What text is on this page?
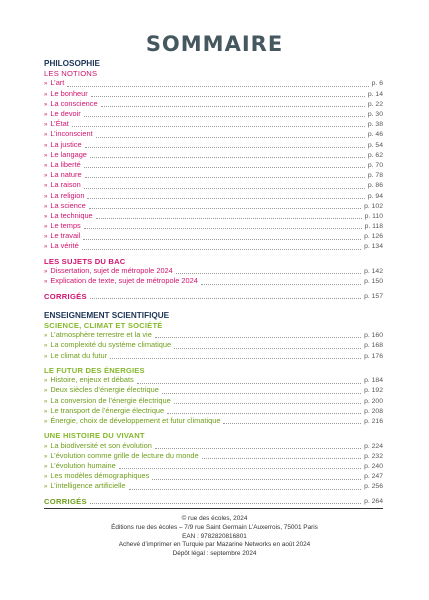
SOMMAIRE
PHILOSOPHIE
LES NOTIONS
» L’art	p. 6
» Le bonheur	p. 14
» La conscience	p. 22
» Le devoir	p. 30
» L’État	p. 38
» L’inconscient	p. 46
» La justice	p. 54
» Le langage	p. 62
» La liberté	p. 70
» La nature	p. 78
» La raison	p. 86
» La religion	p. 94
» La science	p. 102
» La technique	p. 110
» Le temps	p. 118
» Le travail	p. 126
» La vérité	p. 134
LES SUJETS DU BAC
» Dissertation, sujet de métropole 2024	p. 142
» Explication de texte, sujet de métropole 2024	p. 150
CORRIGÉS	p. 157
ENSEIGNEMENT SCIENTIFIQUE
SCIENCE, CLIMAT ET SOCIÉTÉ
» L’atmosphère terrestre et la vie	p. 160
» La complexité du système climatique	p. 168
» Le climat du futur	p. 176
LE FUTUR DES ÉNERGIES
» Histoire, enjeux et débats	p. 184
» Deux siècles d’énergie électrique	p. 192
» La conversion de l’énergie électrique	p. 200
» Le transport de l’énergie électrique	p. 208
» Énergie, choix de développement et futur climatique	p. 216
UNE HISTOIRE DU VIVANT
» La biodiversité et son évolution	p. 224
» L’évolution comme grille de lecture du monde	p. 232
» L’évolution humaine	p. 240
» Les modèles démographiques	p. 247
» L’intelligence artificielle	p. 256
CORRIGÉS	p. 264
© rue des écoles, 2024
Éditions rue des écoles – 7/9 rue Saint Germain L’Auxerrois, 75001 Paris
EAN : 9782820816801
Achevé d’imprimer en Turquie par Mazarine Networks en août 2024
Dépôt légal : septembre 2024
